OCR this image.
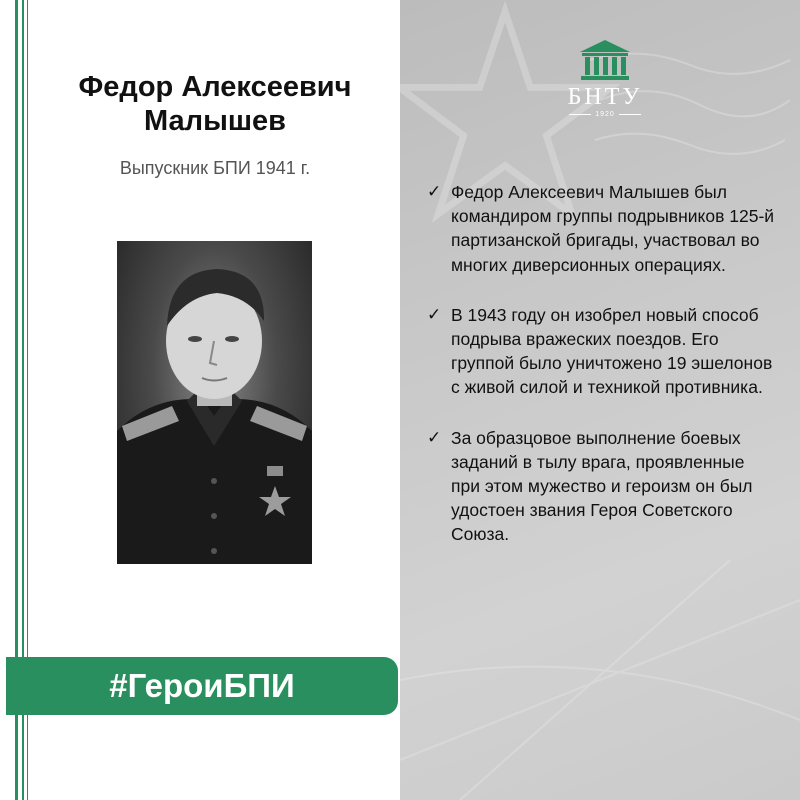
Федор Алексеевич
Малышев
Выпускник БПИ 1941 г.
#ГероиБПИ
БНТУ
1920
✓ Федор Алексеевич Малышев был командиром группы подрывников 125-й партизанской бригады, участвовал во многих диверсионных операциях.
✓ В 1943 году он изобрел новый способ подрыва вражеских поездов. Его группой было уничтожено 19 эшелонов с живой силой и техникой противника.
✓ За образцовое выполнение боевых заданий в тылу врага, проявленные при этом мужество и героизм он был удостоен звания Героя Советского Союза.
